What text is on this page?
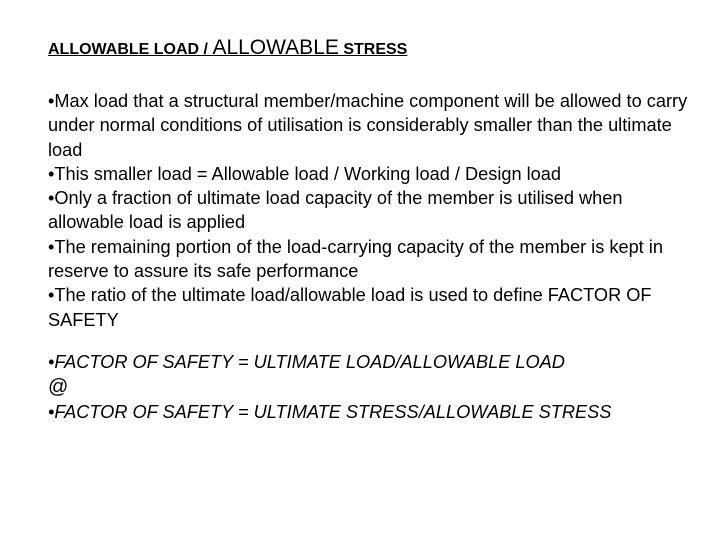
ALLOWABLE LOAD / ALLOWABLE STRESS

•Max load that a structural member/machine component will be allowed to carry under normal conditions of utilisation is considerably smaller than the ultimate load

•This smaller load = Allowable load / Working load / Design load

•Only a fraction of ultimate load capacity of the member is utilised when allowable load is applied

•The remaining portion of the load-carrying capacity of the member is kept in reserve to assure its safe performance

•The ratio of the ultimate load/allowable load is used to define FACTOR OF SAFETY

•FACTOR OF SAFETY = ULTIMATE LOAD/ALLOWABLE LOAD
@
•FACTOR OF SAFETY = ULTIMATE STRESS/ALLOWABLE STRESS
